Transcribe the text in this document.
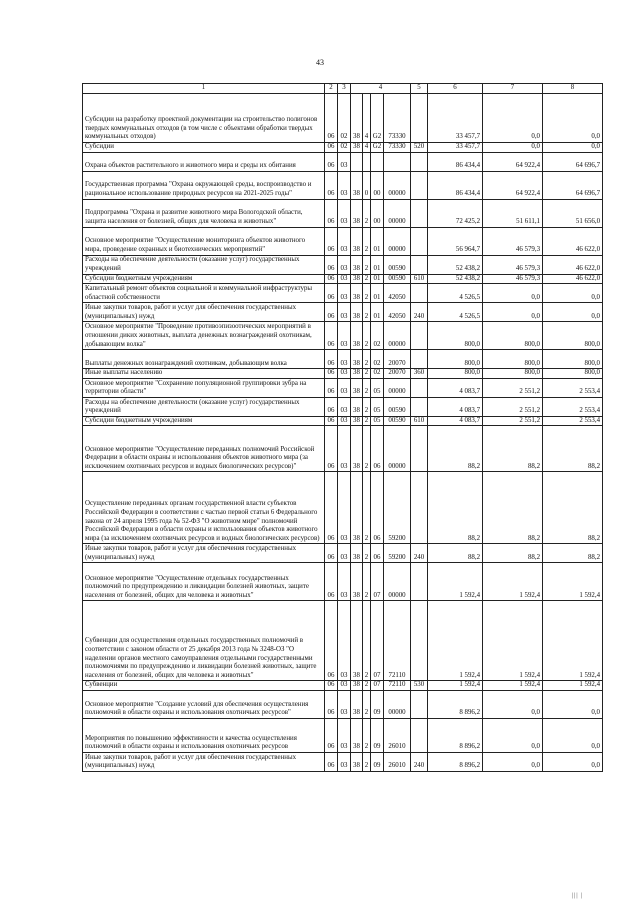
43
1	2	3	4				5	6	7	8
Субсидии на разработку проектной документации на строительство полигонов твердых коммунальных отходов (в том числе с объектами обработки твердых коммунальных отходов)	06	02	38	4	G2	73330		33 457,7	0,0	0,0
Субсидии	06	02	38	4	G2	73330	520	33 457,7	0,0	0,0
Охрана объектов растительного и животного мира и среды их обитания	06	03						86 434,4	64 922,4	64 696,7
Государственная программа "Охрана окружающей среды, воспроизводство и рациональное использование природных ресурсов на 2021-2025 годы"	06	03	38	0	00	00000		86 434,4	64 922,4	64 696,7
Подпрограмма "Охрана и развитие животного мира Вологодской области, защита населения от болезней, общих для человека и животных"	06	03	38	2	00	00000		72 425,2	51 611,1	51 656,0
Основное мероприятие "Осуществление мониторинга объектов животного мира, проведение охранных и биотехнических мероприятий"	06	03	38	2	01	00000		56 964,7	46 579,3	46 622,0
Расходы на обеспечение деятельности (оказание услуг) государственных учреждений	06	03	38	2	01	00590		52 438,2	46 579,3	46 622,0
Субсидии бюджетным учреждениям	06	03	38	2	01	00590	610	52 438,2	46 579,3	46 622,0
Капитальный ремонт объектов социальной и коммунальной инфраструктуры областной собственности	06	03	38	2	01	42050		4 526,5	0,0	0,0
Иные закупки товаров, работ и услуг для обеспечения государственных (муниципальных) нужд	06	03	38	2	01	42050	240	4 526,5	0,0	0,0
Основное мероприятие "Проведение противоэпизоотических мероприятий в отношении диких животных, выплата денежных вознаграждений охотникам, добывающим волка"	06	03	38	2	02	00000		800,0	800,0	800,0
Выплаты денежных вознаграждений охотникам, добывающим волка	06	03	38	2	02	20070		800,0	800,0	800,0
Иные выплаты населению	06	03	38	2	02	20070	360	800,0	800,0	800,0
Основное мероприятие "Сохранение популяционной группировки зубра на территории области"	06	03	38	2	05	00000		4 083,7	2 551,2	2 553,4
Расходы на обеспечение деятельности (оказание услуг) государственных учреждений	06	03	38	2	05	00590		4 083,7	2 551,2	2 553,4
Субсидии бюджетным учреждениям	06	03	38	2	05	00590	610	4 083,7	2 551,2	2 553,4
Основное мероприятие "Осуществление переданных полномочий Российской Федерации в области охраны и использования объектов животного мира (за исключением охотничьих ресурсов и водных биологических ресурсов)"	06	03	38	2	06	00000		88,2	88,2	88,2
Осуществление переданных органам государственной власти субъектов Российской Федерации в соответствии с частью первой статьи 6 Федерального закона от 24 апреля 1995 года № 52-ФЗ "О животном мире" полномочий Российской Федерации в области охраны и использования объектов животного мира (за исключением охотничьих ресурсов и водных биологических ресурсов)	06	03	38	2	06	59200		88,2	88,2	88,2
Иные закупки товаров, работ и услуг для обеспечения государственных (муниципальных) нужд	06	03	38	2	06	59200	240	88,2	88,2	88,2
Основное мероприятие "Осуществление отдельных государственных полномочий по предупреждению и ликвидации болезней животных, защите населения от болезней, общих для человека и животных"	06	03	38	2	07	00000		1 592,4	1 592,4	1 592,4
Субвенции для осуществления отдельных государственных полномочий в соответствии с законом области от 25 декабря 2013 года № 3248-ОЗ "О наделении органов местного самоуправления отдельными государственными полномочиями по предупреждению и ликвидации болезней животных, защите населения от болезней, общих для человека и животных"	06	03	38	2	07	72110		1 592,4	1 592,4	1 592,4
Субвенции	06	03	38	2	07	72110	530	1 592,4	1 592,4	1 592,4
Основное мероприятие "Создание условий для обеспечения осуществления полномочий в области охраны и использования охотничьих ресурсов"	06	03	38	2	09	00000		8 896,2	0,0	0,0
Мероприятия по повышению эффективности и качества осуществления полномочий в области охраны и использования охотничьих ресурсов	06	03	38	2	09	26010		8 896,2	0,0	0,0
Иные закупки товаров, работ и услуг для обеспечения государственных (муниципальных) нужд	06	03	38	2	09	26010	240	8 896,2	0,0	0,0
||| |
